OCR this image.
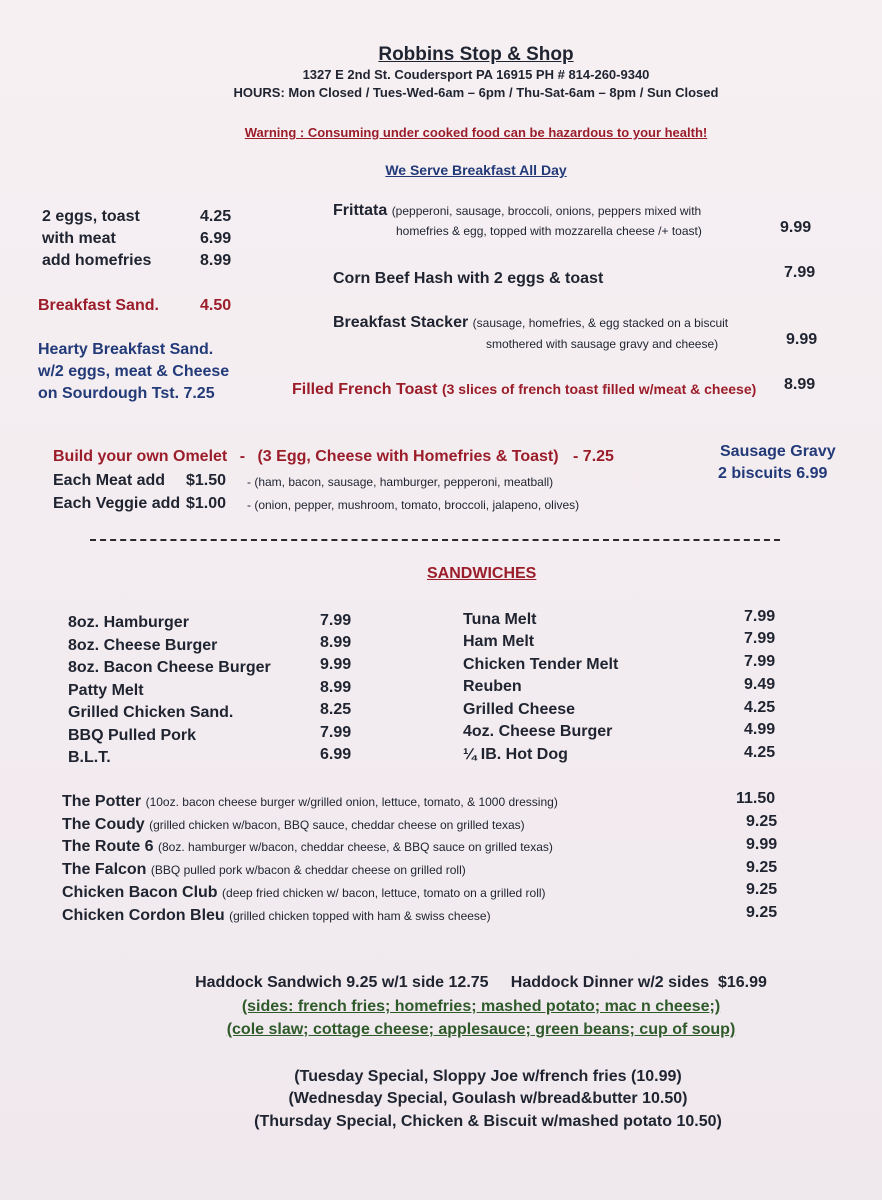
Robbins Stop & Shop
1327 E 2nd St. Coudersport PA 16915 PH # 814-260-9340
HOURS: Mon Closed / Tues-Wed-6am – 6pm / Thu-Sat-6am – 8pm / Sun Closed
Warning : Consuming under cooked food can be hazardous to your health!
We Serve Breakfast All Day
2 eggs, toast	4.25
with meat	6.99
add homefries	8.99
Breakfast Sand.	4.50
Hearty Breakfast Sand.
w/2 eggs, meat & Cheese
on Sourdough Tst. 7.25
Frittata (pepperoni, sausage, broccoli, onions, peppers mixed with
homefries & egg, topped with mozzarella cheese /+ toast)	9.99
Corn Beef Hash with 2 eggs & toast	7.99
Breakfast Stacker (sausage, homefries, & egg stacked on a biscuit
smothered with sausage gravy and cheese)	9.99
Filled French Toast (3 slices of french toast filled w/meat & cheese) 8.99
Build your own Omelet - (3 Egg, Cheese with Homefries & Toast) - 7.25
Each Meat add $1.50 - (ham, bacon, sausage, hamburger, pepperoni, meatball)
Each Veggie add $1.00 - (onion, pepper, mushroom, tomato, broccoli, jalapeno, olives)
Sausage Gravy
2 biscuits 6.99
SANDWICHES
8oz. Hamburger	7.99
8oz. Cheese Burger	8.99
8oz. Bacon Cheese Burger	9.99
Patty Melt	8.99
Grilled Chicken Sand.	8.25
BBQ Pulled Pork	7.99
B.L.T.	6.99
Tuna Melt	7.99
Ham Melt	7.99
Chicken Tender Melt	7.99
Reuben	9.49
Grilled Cheese	4.25
4oz. Cheese Burger	4.99
¼ IB. Hot Dog	4.25
The Potter (10oz. bacon cheese burger w/grilled onion, lettuce, tomato, & 1000 dressing)	11.50
The Coudy (grilled chicken w/bacon, BBQ sauce, cheddar cheese on grilled texas)	9.25
The Route 6 (8oz. hamburger w/bacon, cheddar cheese, & BBQ sauce on grilled texas)	9.99
The Falcon (BBQ pulled pork w/bacon & cheddar cheese on grilled roll)	9.25
Chicken Bacon Club (deep fried chicken w/ bacon, lettuce, tomato on a grilled roll)	9.25
Chicken Cordon Bleu (grilled chicken topped with ham & swiss cheese)	9.25
Haddock Sandwich 9.25 w/1 side 12.75     Haddock Dinner w/2 sides  $16.99
(sides: french fries; homefries; mashed potato; mac n cheese;)
(cole slaw; cottage cheese; applesauce; green beans; cup of soup)
(Tuesday Special, Sloppy Joe w/french fries (10.99)
(Wednesday Special, Goulash w/bread&butter 10.50)
(Thursday Special, Chicken & Biscuit w/mashed potato 10.50)
